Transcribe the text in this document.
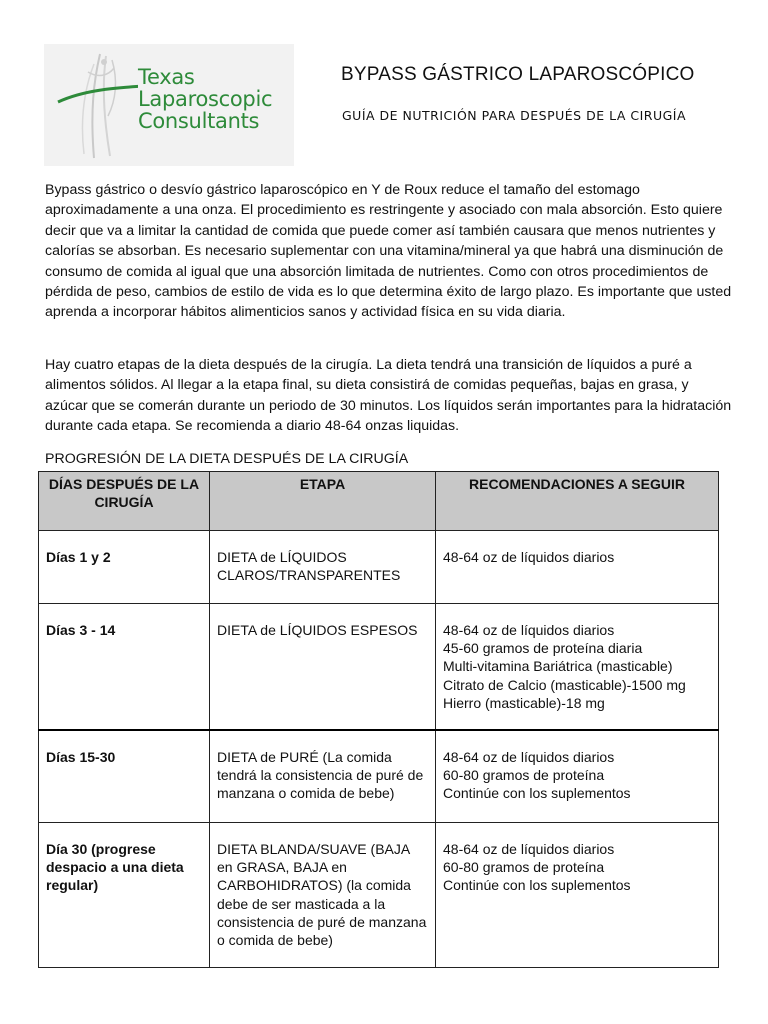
Texas
Laparoscopic
Consultants
BYPASS GÁSTRICO LAPAROSCÓPICO
GUÍA DE NUTRICIÓN PARA DESPUÉS DE LA CIRUGÍA

Bypass gástrico o desvío gástrico laparoscópico en Y de Roux reduce el tamaño del estomago aproximadamente a una onza. El procedimiento es restringente y asociado con mala absorción. Esto quiere decir que va a limitar la cantidad de comida que puede comer así también causara que menos nutrientes y calorías se absorban. Es necesario suplementar con una vitamina/mineral ya que habrá una disminución de consumo de comida al igual que una absorción limitada de nutrientes. Como con otros procedimientos de pérdida de peso, cambios de estilo de vida es lo que determina éxito de largo plazo. Es importante que usted aprenda a incorporar hábitos alimenticios sanos y actividad física en su vida diaria.

Hay cuatro etapas de la dieta después de la cirugía. La dieta tendrá una transición de líquidos a puré a alimentos sólidos. Al llegar a la etapa final, su dieta consistirá de comidas pequeñas, bajas en grasa, y azúcar que se comerán durante un periodo de 30 minutos. Los líquidos serán importantes para la hidratación durante cada etapa. Se recomienda a diario 48-64 onzas liquidas.

PROGRESIÓN DE LA DIETA DESPUÉS DE LA CIRUGÍA
DÍAS DESPUÉS DE LA CIRUGÍA	ETAPA	RECOMENDACIONES A SEGUIR
Días 1 y 2	DIETA de LÍQUIDOS CLAROS/TRANSPARENTES	48-64 oz de líquidos diarios

Días 3 - 14	DIETA de LÍQUIDOS ESPESOS	48-64 oz de líquidos diarios
45-60 gramos de proteína diaria
Multi-vitamina Bariátrica (masticable)
Citrato de Calcio (masticable)-1500 mg
Hierro (masticable)-18 mg

Días 15-30	DIETA de PURÉ (La comida tendrá la consistencia de puré de manzana o comida de bebe)	48-64 oz de líquidos diarios
60-80 gramos de proteína
Continúe con los suplementos

Día 30 (progrese despacio a una dieta regular)	DIETA BLANDA/SUAVE (BAJA en GRASA, BAJA en CARBOHIDRATOS) (la comida debe de ser masticada a la consistencia de puré de manzana o comida de bebe)	48-64 oz de líquidos diarios
60-80 gramos de proteína
Continúe con los suplementos
